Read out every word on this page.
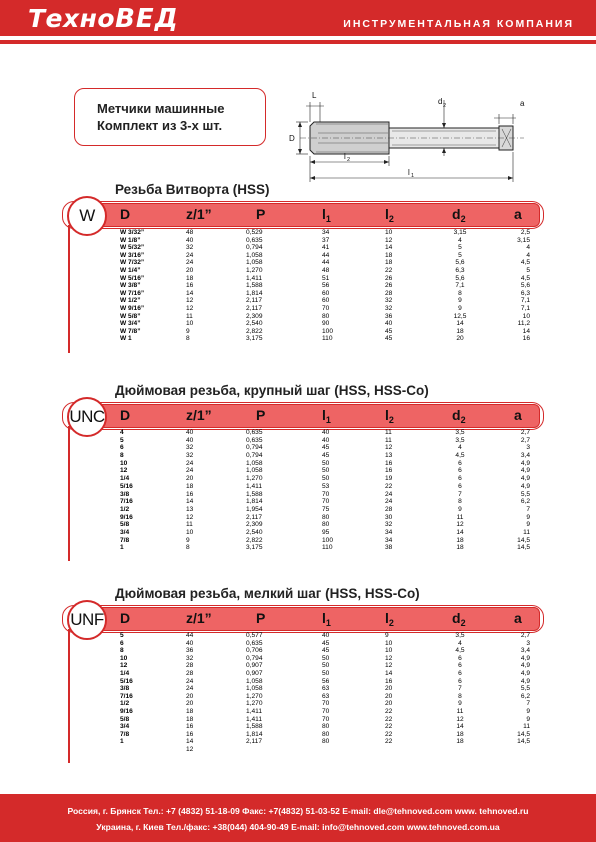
Техно ВЕД	ИНСТРУМЕНТАЛЬНАЯ КОМПАНИЯ
Метчики машинные
Комплект из 3-х шт.
L
d 2	a
D
l 2
l 1
Резьба Витворта (HSS)
W	D	z/1”	P	$l_1$	$l_2$	$d_2$	a
W 3/32”	48	0,529	34	10	3,15	2,5
W 1/8”	40	0,635	37	12	4	3,15
W 5/32”	32	0,794	41	14	5	4
W 3/16”	24	1,058	44	18	5	4
W 7/32”	24	1,058	44	18	5,6	4,5
W 1/4”	20	1,270	48	22	6,3	5
W 5/16”	18	1,411	51	26	5,6	4,5
W 3/8”	16	1,588	56	26	7,1	5,6
W 7/16”	14	1,814	60	28	8	6,3
W 1/2”	12	2,117	60	32	9	7,1
W 9/16”	12	2,117	70	32	9	7,1
W 5/8”	11	2,309	80	36	12,5	10
W 3/4”	10	2,540	90	40	14	11,2
W 7/8”	9	2,822	100	45	18	14
W 1	8	3,175	110	45	20	16
Дюймовая резьба, крупный шаг (HSS, HSS-Co)
UNC D	z/1”	P	$l_1$	$l_2$	$d_2$	a
4	40	0,635	40	11	3,5	2,7
5	40	0,635	40	11	3,5	2,7
6	32	0,794	45	12	4	3
8	32	0,794	45	13	4,5	3,4
10	24	1,058	50	16	6	4,9
12	24	1,058	50	16	6	4,9
1/4	20	1,270	50	19	6	4,9
5/16	18	1,411	53	22	6	4,9
3/8	16	1,588	70	24	7	5,5
7/16	14	1,814	70	24	8	6,2
1/2	13	1,954	75	28	9	7
9/16	12	2,117	80	30	11	9
5/8	11	2,309	80	32	12	9
3/4	10	2,540	95	34	14	11
7/8	9	2,822	100	34	18	14,5
1	8	3,175	110	38	18	14,5
Дюймовая резьба, мелкий шаг (HSS, HSS-Co)
UNF D	z/1”	P	$l_1$	$l_2$	$d_2$	a
5	44	0,577	40	9	3,5	2,7
6	40	0,635	45	10	4	3
8	36	0,706	45	10	4,5	3,4
10	32	0,794	50	12	6	4,9
12	28	0,907	50	12	6	4,9
1/4	28	0,907	50	14	6	4,9
5/16	24	1,058	56	16	6	4,9
3/8	24	1,058	63	20	7	5,5
7/16	20	1,270	63	20	8	6,2
1/2	20	1,270	70	20	9	7
9/16	18	1,411	70	22	11	9
5/8	18	1,411	70	22	12	9
3/4	16	1,588	80	22	14	11
7/8	16	1,814	80	22	18	14,5
1	14	2,117	80	22	18	14,5
12
Россия, г. Брянск Тел.: +7 (4832) 51-18-09 Факс: +7(4832) 51-03-52 E-mail: dle@tehnoved.com www. tehnoved.ru
Украина, г. Киев Тел./факс: +38(044) 404-90-49 E-mail: info@tehnoved.com www.tehnoved.com.ua
